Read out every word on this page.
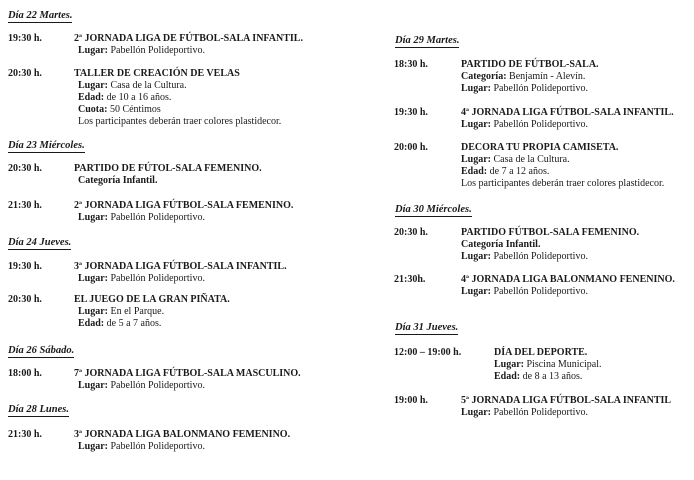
Día 22 Martes.
19:30 h.	2ª JORNADA LIGA DE FÚTBOL-SALA INFANTIL.
Lugar: Pabellón Polideportivo.
20:30 h.	TALLER DE CREACIÓN DE VELAS
Lugar: Casa de la Cultura.
Edad: de 10 a 16 años.
Cuota: 50 Céntimos
Los participantes deberán traer colores plastidecor.
Día 23 Miércoles.
20:30 h.	PARTIDO DE FÚTOL-SALA FEMENINO.
Categoría Infantil.
21:30 h.	2ª JORNADA LIGA FÚTBOL-SALA FEMENINO.
Lugar: Pabellón Polideportivo.
Día 24 Jueves.
19:30 h.	3ª JORNADA LIGA FÚTBOL-SALA INFANTIL.
Lugar: Pabellón Polideportivo.
20:30 h.	EL JUEGO DE LA GRAN PIÑATA.
Lugar: En el Parque.
Edad: de 5 a 7 años.
Día 26 Sábado.
18:00 h.	7ª JORNADA LIGA FÚTBOL-SALA MASCULINO.
Lugar: Pabellón Polideportivo.
Día 28 Lunes.
21:30 h.	3ª JORNADA LIGA BALONMANO FEMENINO.
Lugar: Pabellón Polideportivo.
Día 29 Martes.
18:30 h.	PARTIDO DE FÚTBOL-SALA.
Categoría: Benjamín - Alevín.
Lugar: Pabellón Polideportivo.
19:30 h.	4ª JORNADA LIGA FÚTBOL-SALA INFANTIL.
Lugar: Pabellón Polideportivo.
20:00 h.	DECORA TU PROPIA CAMISETA.
Lugar: Casa de la Cultura.
Edad: de 7 a 12 años.
Los participantes deberán traer colores plastidecor.
Día 30 Miércoles.
20:30 h.	PARTIDO FÚTBOL-SALA FEMENINO.
Categoría Infantil.
Lugar: Pabellón Polideportivo.
21:30h.	4ª JORNADA LIGA BALONMANO FENENINO.
Lugar: Pabellón Polideportivo.
Día 31 Jueves.
12:00 – 19:00 h.	DÍA DEL DEPORTE.
Lugar: Piscina Municipal.
Edad: de 8 a 13 años.
19:00 h.	5ª JORNADA LIGA FÚTBOL-SALA INFANTIL
Lugar: Pabellón Polideportivo.
